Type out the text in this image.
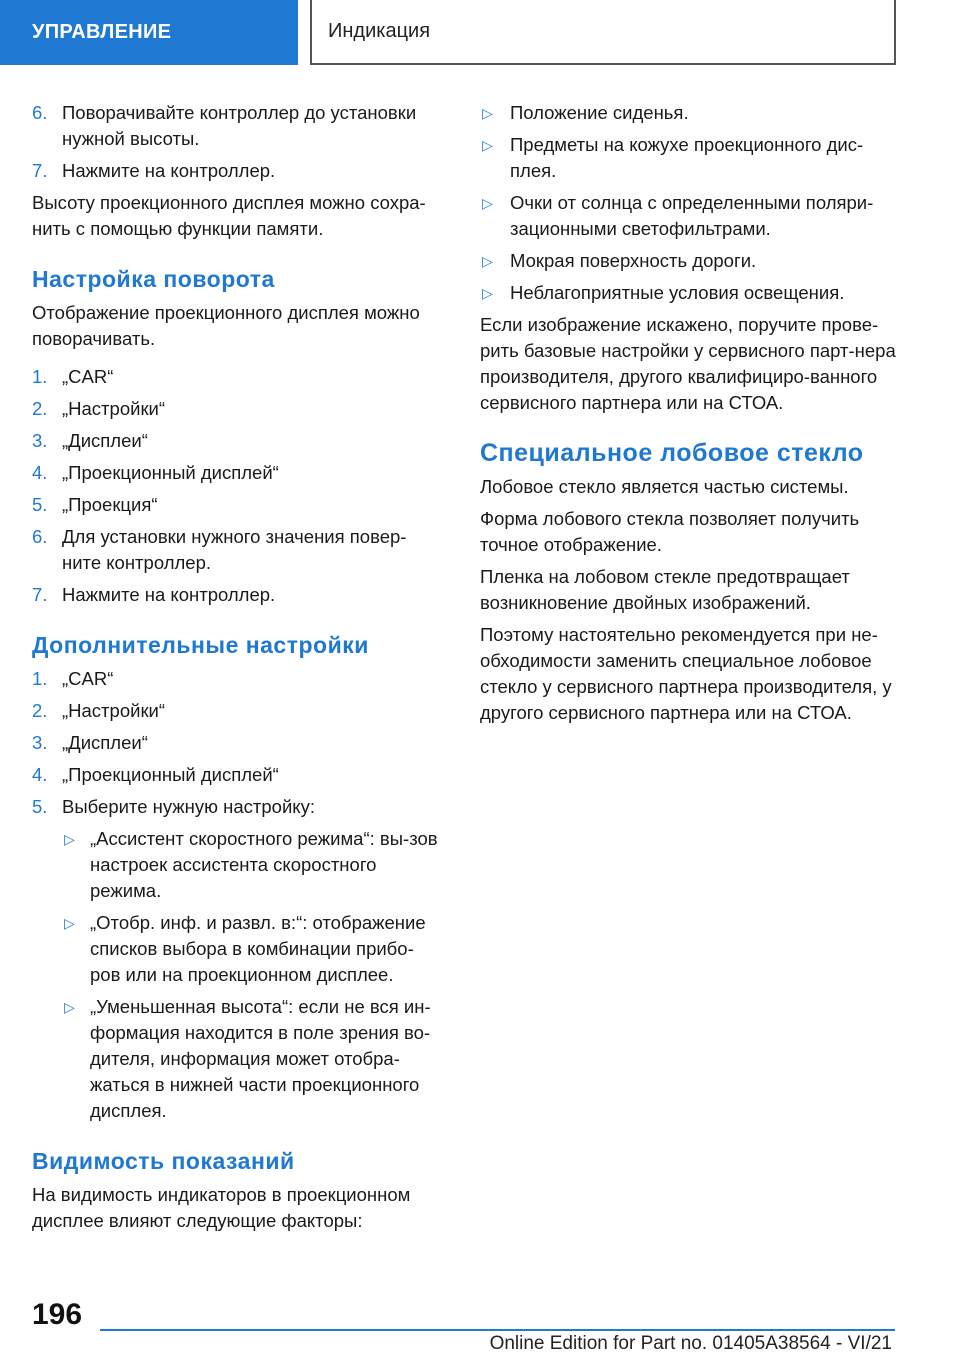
УПРАВЛЕНИЕ	Индикация
6. Поворачивайте контроллер до установки нужной высоты.
7. Нажмите на контроллер.
Высоту проекционного дисплея можно сохра-нить с помощью функции памяти.
Настройка поворота
Отображение проекционного дисплея можно поворачивать.
1. „CAR“
2. „Настройки“
3. „Дисплеи“
4. „Проекционный дисплей“
5. „Проекция“
6. Для установки нужного значения повер-ните контроллер.
7. Нажмите на контроллер.
Дополнительные настройки
1. „CAR“
2. „Настройки“
3. „Дисплеи“
4. „Проекционный дисплей“
5. Выберите нужную настройку:
▷ „Ассистент скоростного режима“: вы-зов настроек ассистента скоростного режима.
▷ „Отобр. инф. и развл. в:“: отображение списков выбора в комбинации прибо-ров или на проекционном дисплее.
▷ „Уменьшенная высота“: если не вся ин-формация находится в поле зрения во-дителя, информация может отобра-жаться в нижней части проекционного дисплея.
Видимость показаний
На видимость индикаторов в проекционном дисплее влияют следующие факторы:
▷ Положение сиденья.
▷ Предметы на кожухе проекционного дис-плея.
▷ Очки от солнца с определенными поляри-зационными светофильтрами.
▷ Мокрая поверхность дороги.
▷ Неблагоприятные условия освещения.
Если изображение искажено, поручите прове-рить базовые настройки у сервисного парт-нера производителя, другого квалифициро-ванного сервисного партнера или на СТОА.
Специальное лобовое стекло
Лобовое стекло является частью системы.
Форма лобового стекла позволяет получить точное отображение.
Пленка на лобовом стекле предотвращает возникновение двойных изображений.
Поэтому настоятельно рекомендуется при не-обходимости заменить специальное лобовое стекло у сервисного партнера производителя, у другого сервисного партнера или на СТОА.
196
Online Edition for Part no. 01405A38564 - VI/21
